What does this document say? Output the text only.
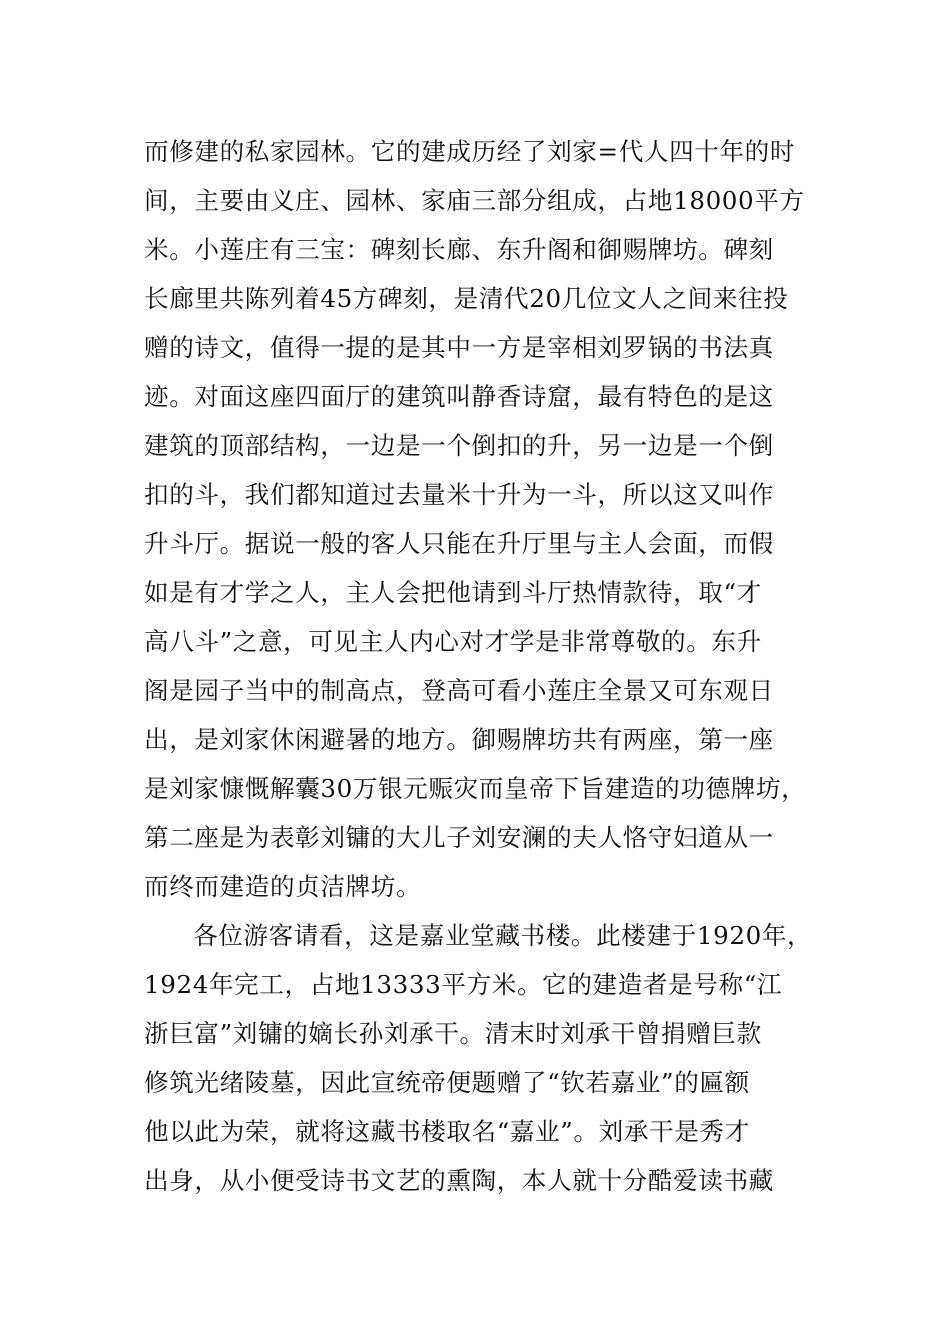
而修建的私家园林。它的建成历经了刘家=代人四十年的时
间，主要由义庄、园林、家庙三部分组成，占地18000平方
米。小莲庄有三宝：碑刻长廊、东升阁和御赐牌坊。碑刻
长廊里共陈列着45方碑刻，是清代20几位文人之间来往投
赠的诗文，值得一提的是其中一方是宰相刘罗锅的书法真
迹。对面这座四面厅的建筑叫静香诗窟，最有特色的是这
建筑的顶部结构，一边是一个倒扣的升，另一边是一个倒
扣的斗，我们都知道过去量米十升为一斗，所以这又叫作
升斗厅。据说一般的客人只能在升厅里与主人会面，而假
如是有才学之人，主人会把他请到斗厅热情款待，取“才
高八斗”之意，可见主人内心对才学是非常尊敬的。东升
阁是园子当中的制高点，登高可看小莲庄全景又可东观日
出，是刘家休闲避暑的地方。御赐牌坊共有两座，第一座
是刘家慷慨解囊30万银元赈灾而皇帝下旨建造的功德牌坊，
第二座是为表彰刘镛的大儿子刘安澜的夫人恪守妇道从一
而终而建造的贞洁牌坊。
各位游客请看，这是嘉业堂藏书楼。此楼建于1920年，
1924年完工，占地13333平方米。它的建造者是号称“江
浙巨富”刘镛的嫡长孙刘承干。清末时刘承干曾捐赠巨款
修筑光绪陵墓，因此宣统帝便题赠了“钦若嘉业”的匾额
他以此为荣，就将这藏书楼取名“嘉业”。刘承干是秀才
出身，从小便受诗书文艺的熏陶，本人就十分酷爱读书藏
